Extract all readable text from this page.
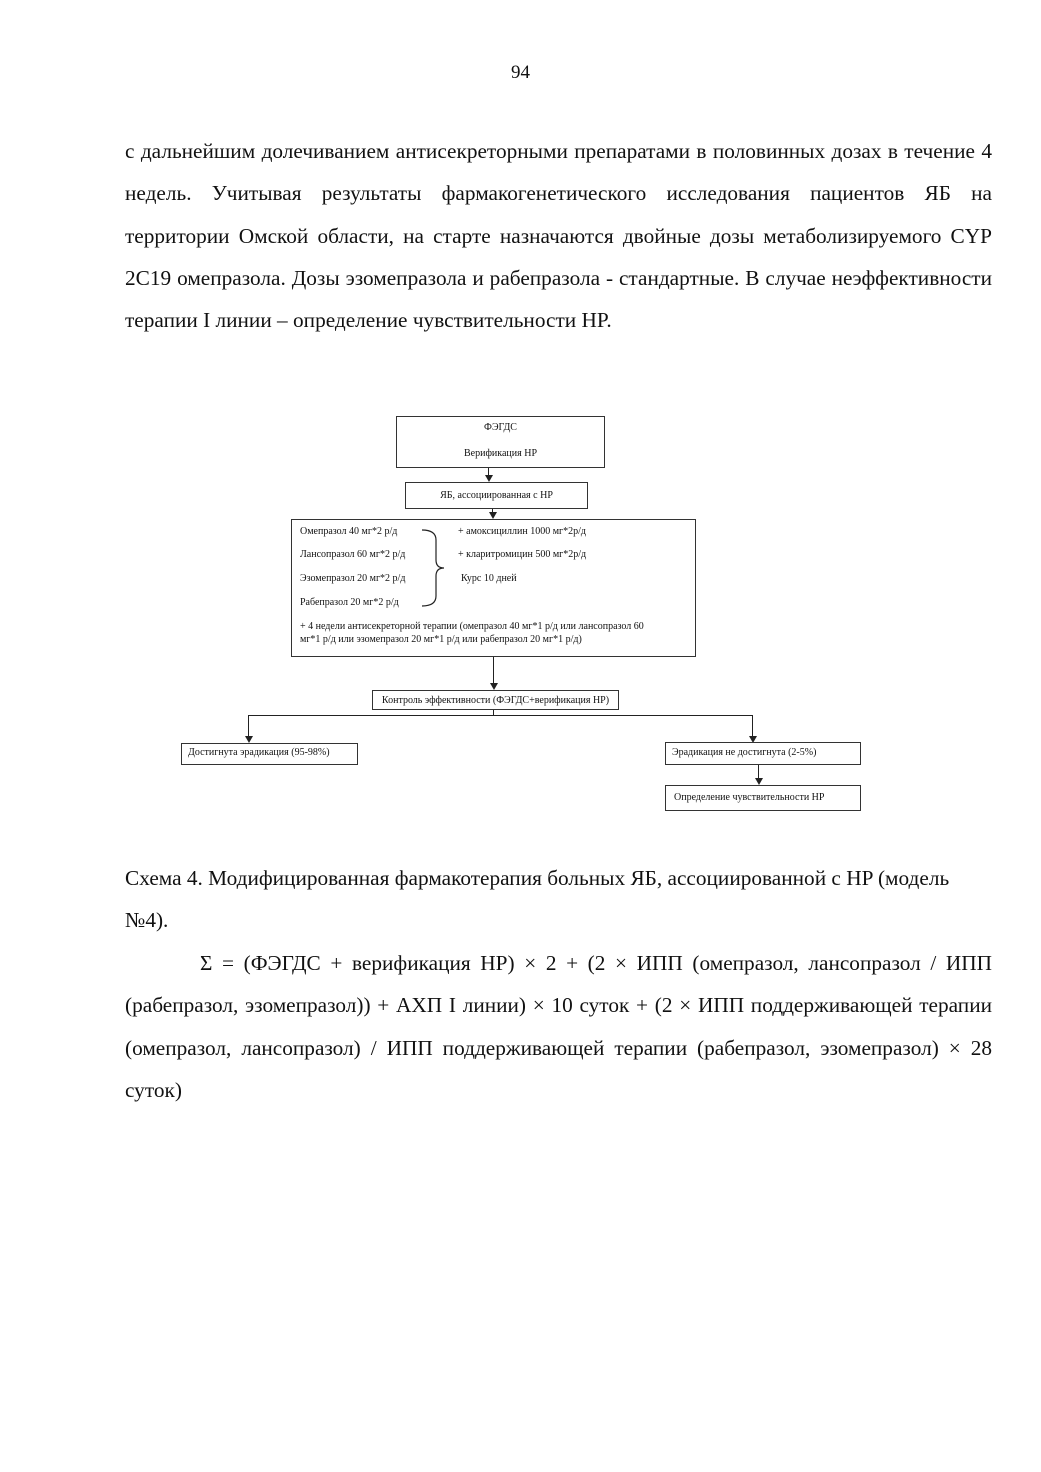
94

с дальнейшим долечиванием антисекреторными препаратами в половинных дозах в течение 4 недель. Учитывая результаты фармакогенетического исследования пациентов ЯБ на территории Омской области, на старте назначаются двойные дозы метаболизируемого CYP 2C19 омепразола. Дозы эзомепразола и рабепразола - стандартные. В случае неэффективности терапии I линии – определение чувствительности HP.

ФЭГДС
Верификация HP
ЯБ, ассоциированная с HP
Омепразол 40 мг*2 р/д
Лансопразол 60 мг*2 р/д
Эзомепразол 20 мг*2 р/д
Рабепразол 20 мг*2 р/д
+ амоксициллин 1000 мг*2р/д
+ кларитромицин 500 мг*2р/д
Курс 10 дней
+ 4 недели антисекреторной терапии (омепразол 40 мг*1 р/д или лансопразол 60
мг*1 р/д или эзомепразол 20 мг*1 р/д или рабепразол 20 мг*1 р/д)
Контроль эффективности (ФЭГДС+верификация HP)
Достигнута эрадикация (95-98%)	Эрадикация не достигнута (2-5%)
Определение чувствительности HP

Схема 4. Модифицированная фармакотерапия больных ЯБ, ассоциированной с HP (модель №4).

Σ = (ФЭГДС + верификация HP) × 2 + (2 × ИПП (омепразол, лансопразол / ИПП (рабепразол, эзомепразол)) + АХП I линии) × 10 суток + (2 × ИПП поддерживающей терапии (омепразол, лансопразол) / ИПП поддерживающей терапии (рабепразол, эзомепразол) × 28 суток)
